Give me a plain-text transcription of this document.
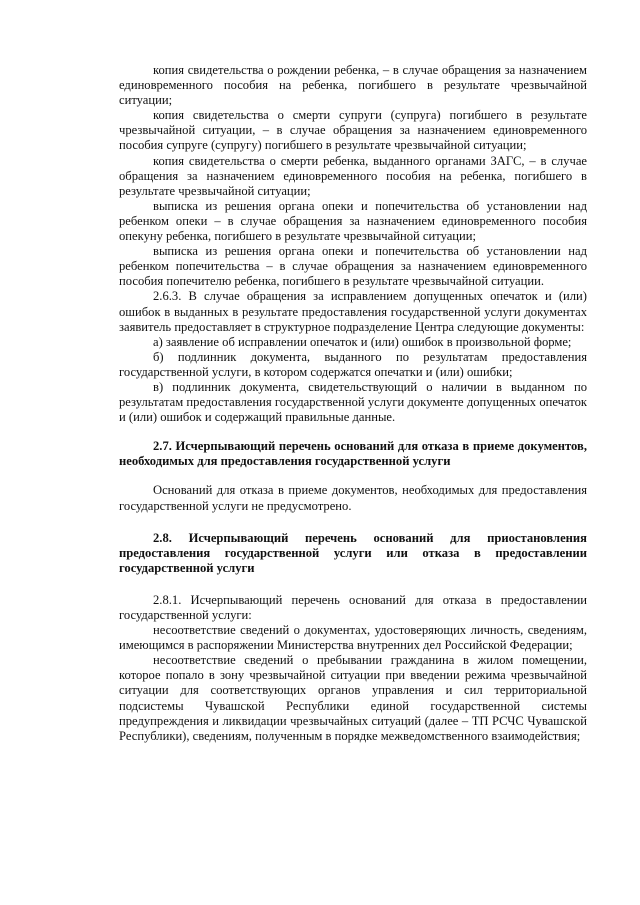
копия свидетельства о рождении ребенка, – в случае обращения за назначением единовременного пособия на ребенка, погибшего в результате чрезвычайной ситуации;

копия свидетельства о смерти супруги (супруга) погибшего в результате чрезвычайной ситуации, – в случае обращения за назначением единовременного пособия супруге (супругу) погибшего в результате чрезвычайной ситуации;

копия свидетельства о смерти ребенка, выданного органами ЗАГС, – в случае обращения за назначением единовременного пособия на ребенка, погибшего в результате чрезвычайной ситуации;

выписка из решения органа опеки и попечительства об установлении над ребенком опеки – в случае обращения за назначением единовременного пособия опекуну ребенка, погибшего в результате чрезвычайной ситуации;

выписка из решения органа опеки и попечительства об установлении над ребенком попечительства – в случае обращения за назначением единовременного пособия попечителю ребенка, погибшего в результате чрезвычайной ситуации.

2.6.3. В случае обращения за исправлением допущенных опечаток и (или) ошибок в выданных в результате предоставления государственной услуги документах заявитель предоставляет в структурное подразделение Центра следующие документы:

а) заявление об исправлении опечаток и (или) ошибок в произвольной форме;

б) подлинник документа, выданного по результатам предоставления государственной услуги, в котором содержатся опечатки и (или) ошибки;

в) подлинник документа, свидетельствующий о наличии в выданном по результатам предоставления государственной услуги документе допущенных опечаток и (или) ошибок и содержащий правильные данные.

2.7. Исчерпывающий перечень оснований для отказа в приеме документов, необходимых для предоставления государственной услуги

Оснований для отказа в приеме документов, необходимых для предоставления государственной услуги не предусмотрено.

2.8. Исчерпывающий перечень оснований для приостановления предоставления государственной услуги или отказа в предоставлении государственной услуги

2.8.1. Исчерпывающий перечень оснований для отказа в предоставлении государственной услуги:

несоответствие сведений о документах, удостоверяющих личность, сведениям, имеющимся в распоряжении Министерства внутренних дел Российской Федерации;

несоответствие сведений о пребывании гражданина в жилом помещении, которое попало в зону чрезвычайной ситуации при введении режима чрезвычайной ситуации для соответствующих органов управления и сил территориальной подсистемы Чувашской Республики единой государственной системы предупреждения и ликвидации чрезвычайных ситуаций (далее – ТП РСЧС Чувашской Республики), сведениям, полученным в порядке межведомственного взаимодействия;
